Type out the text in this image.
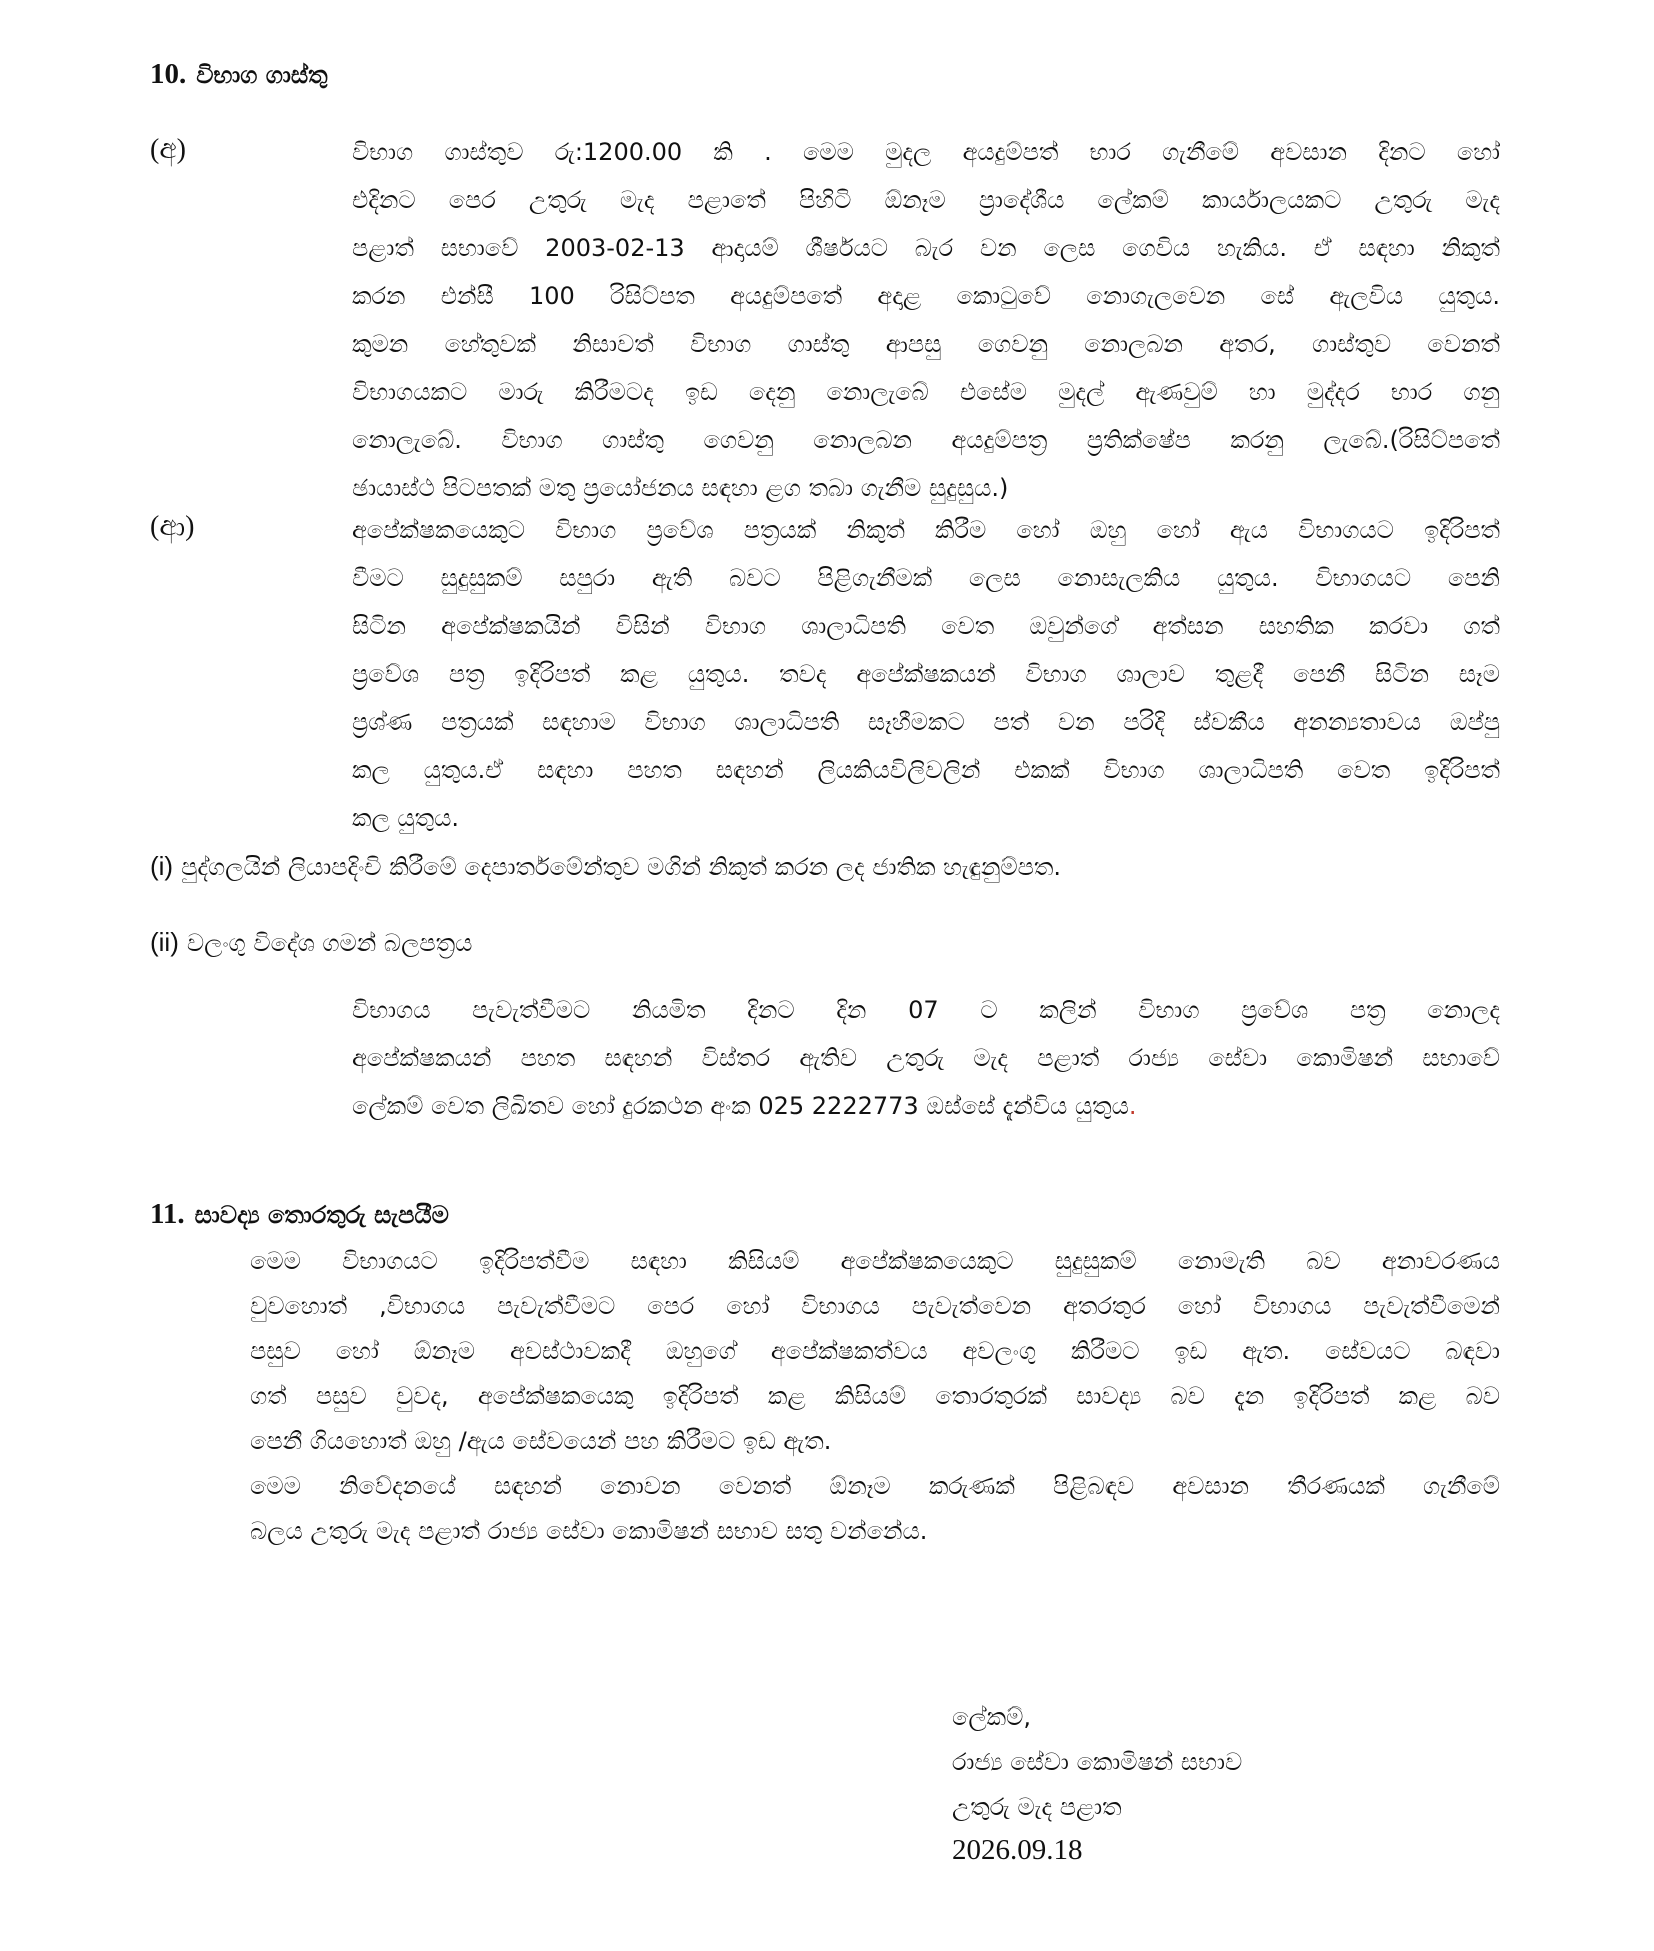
10. විභාග ගාස්තු
(අ)	විභාග ගාස්තුව රු:1200.00 කි . මෙම මුදල අයදුම්පත් භාර ගැනීමේ අවසාන දිනට හෝ
එදිනට පෙර උතුරු මැද පළාතේ පිහිටි ඕනෑම ප්‍රාදේශීය ලේකම් කාර්යාලයකට උතුරු මැද
පළාත් සභාවේ 2003-02-13 ආදායම් ශීර්ෂයට බැර වන ලෙස ගෙවිය හැකිය. ඒ සඳහා නිකුත්
කරන එන්සී 100 රිසිට්පත අයදුම්පතේ අදාළ කොටුවේ නොගැලවෙන සේ ඇලවිය යුතුය.
කුමන හේතුවක් නිසාවත් විභාග ගාස්තු ආපසු ගෙවනු නොලබන අතර, ගාස්තුව වෙනත්
විභාගයකට මාරු කිරීමටද ඉඩ දෙනු නොලැබේ එසේම මුදල් ඇණවුම් හා මුද්දර භාර ගනු
නොලැබේ. විභාග ගාස්තු ගෙවනු නොලබන අයදුම්පත්‍ර ප්‍රතික්ෂේප කරනු ලැබේ.(රිසිට්පතේ
ඡායාස්ථ පිටපතක් මතු ප්‍රයෝජනය සඳහා ළග තබා ගැනීම සුදුසුය.)
(ආ)	අපේක්ෂකයෙකුට විභාග ප්‍රවේශ පත්‍රයක් නිකුත් කිරීම හෝ ඔහු හෝ ඇය විභාගයට ඉදිරිපත්
වීමට සුදුසුකම් සපුරා ඇති බවට පිළිගැනීමක් ලෙස නොසැලකිය යුතුය. විභාගයට පෙනි
සිටින අපේක්ෂකයින් විසින් විභාග ශාලාධිපති වෙත ඔවුන්ගේ අත්සන සහතික කරවා ගත්
ප්‍රවේශ පත්‍ර ඉදිරිපත් කළ යුතුය. තවද අපේක්ෂකයන් විභාග ශාලාව තුළදී පෙනී සිටින සෑම
ප්‍රශ්ණ පත්‍රයක් සඳහාම විභාග ශාලාධිපති සෑහීමකට පත් වන පරිදි ස්වකීය අනන්‍යතාවය ඔප්පු
කල යුතුය.ඒ සඳහා පහත සඳහන් ලියකියවිලිවලින් එකක් විභාග ශාලාධිපති වෙත ඉදිරිපත්
කල යුතුය.
(i) පුද්ගලයින් ලියාපදිංචි කිරීමේ දෙපාර්තමේන්තුව මගින් නිකුත් කරන ලද ජාතික හැඳුනුම්පත.
(ii) වලංගු විදේශ ගමන් බලපත්‍රය
විභාගය පැවැත්වීමට නියමිත දිනට දින 07 ට කලින් විභාග ප්‍රවේශ පත්‍ර නොලද
අපේක්ෂකයන් පහත සඳහන් විස්තර ඇතිව උතුරු මැද පළාත් රාජ්‍ය සේවා කොමිෂන් සභාවේ
ලේකම් වෙත ලිඛිතව හෝ දුරකථන අංක 025 2222773 ඔස්සේ දැන්විය යුතුය.
11. සාවද්‍ය තොරතුරු සැපයීම
මෙම විභාගයට ඉදිරිපත්වීම සඳහා කිසියම් අපේක්ෂකයෙකුට සුදුසුකම් නොමැති බව අනාවරණය
වුවහොත් ,විභාගය පැවැත්වීමට පෙර හෝ විභාගය පැවැත්වෙන අතරතුර හෝ විභාගය පැවැත්වීමෙන්
පසුව හෝ ඕනෑම අවස්ථාවකදී ඔහුගේ අපේක්ෂකත්වය අවලංගු කිරීමට ඉඩ ඇත. සේවයට බඳවා
ගත් පසුව වුවද, අපේක්ෂකයෙකු ඉදිරිපත් කළ කිසියම් තොරතුරක් සාවද්‍ය බව දැන ඉදිරිපත් කළ බව
පෙනී ගියහොත් ඔහු /ඇය සේවයෙන් පහ කිරීමට ඉඩ ඇත.
මෙම නිවේදනයේ සඳහන් නොවන වෙනත් ඕනෑම කරුණක් පිළිබඳව අවසාන තීරණයක් ගැනීමේ
බලය උතුරු මැද පළාත් රාජ්‍ය සේවා කොමිෂන් සභාව සතු වන්නේය.
ලේකම්,
රාජ්‍ය සේවා කොමිෂන් සභාව
උතුරු මැද පළාත
2026.09.18
